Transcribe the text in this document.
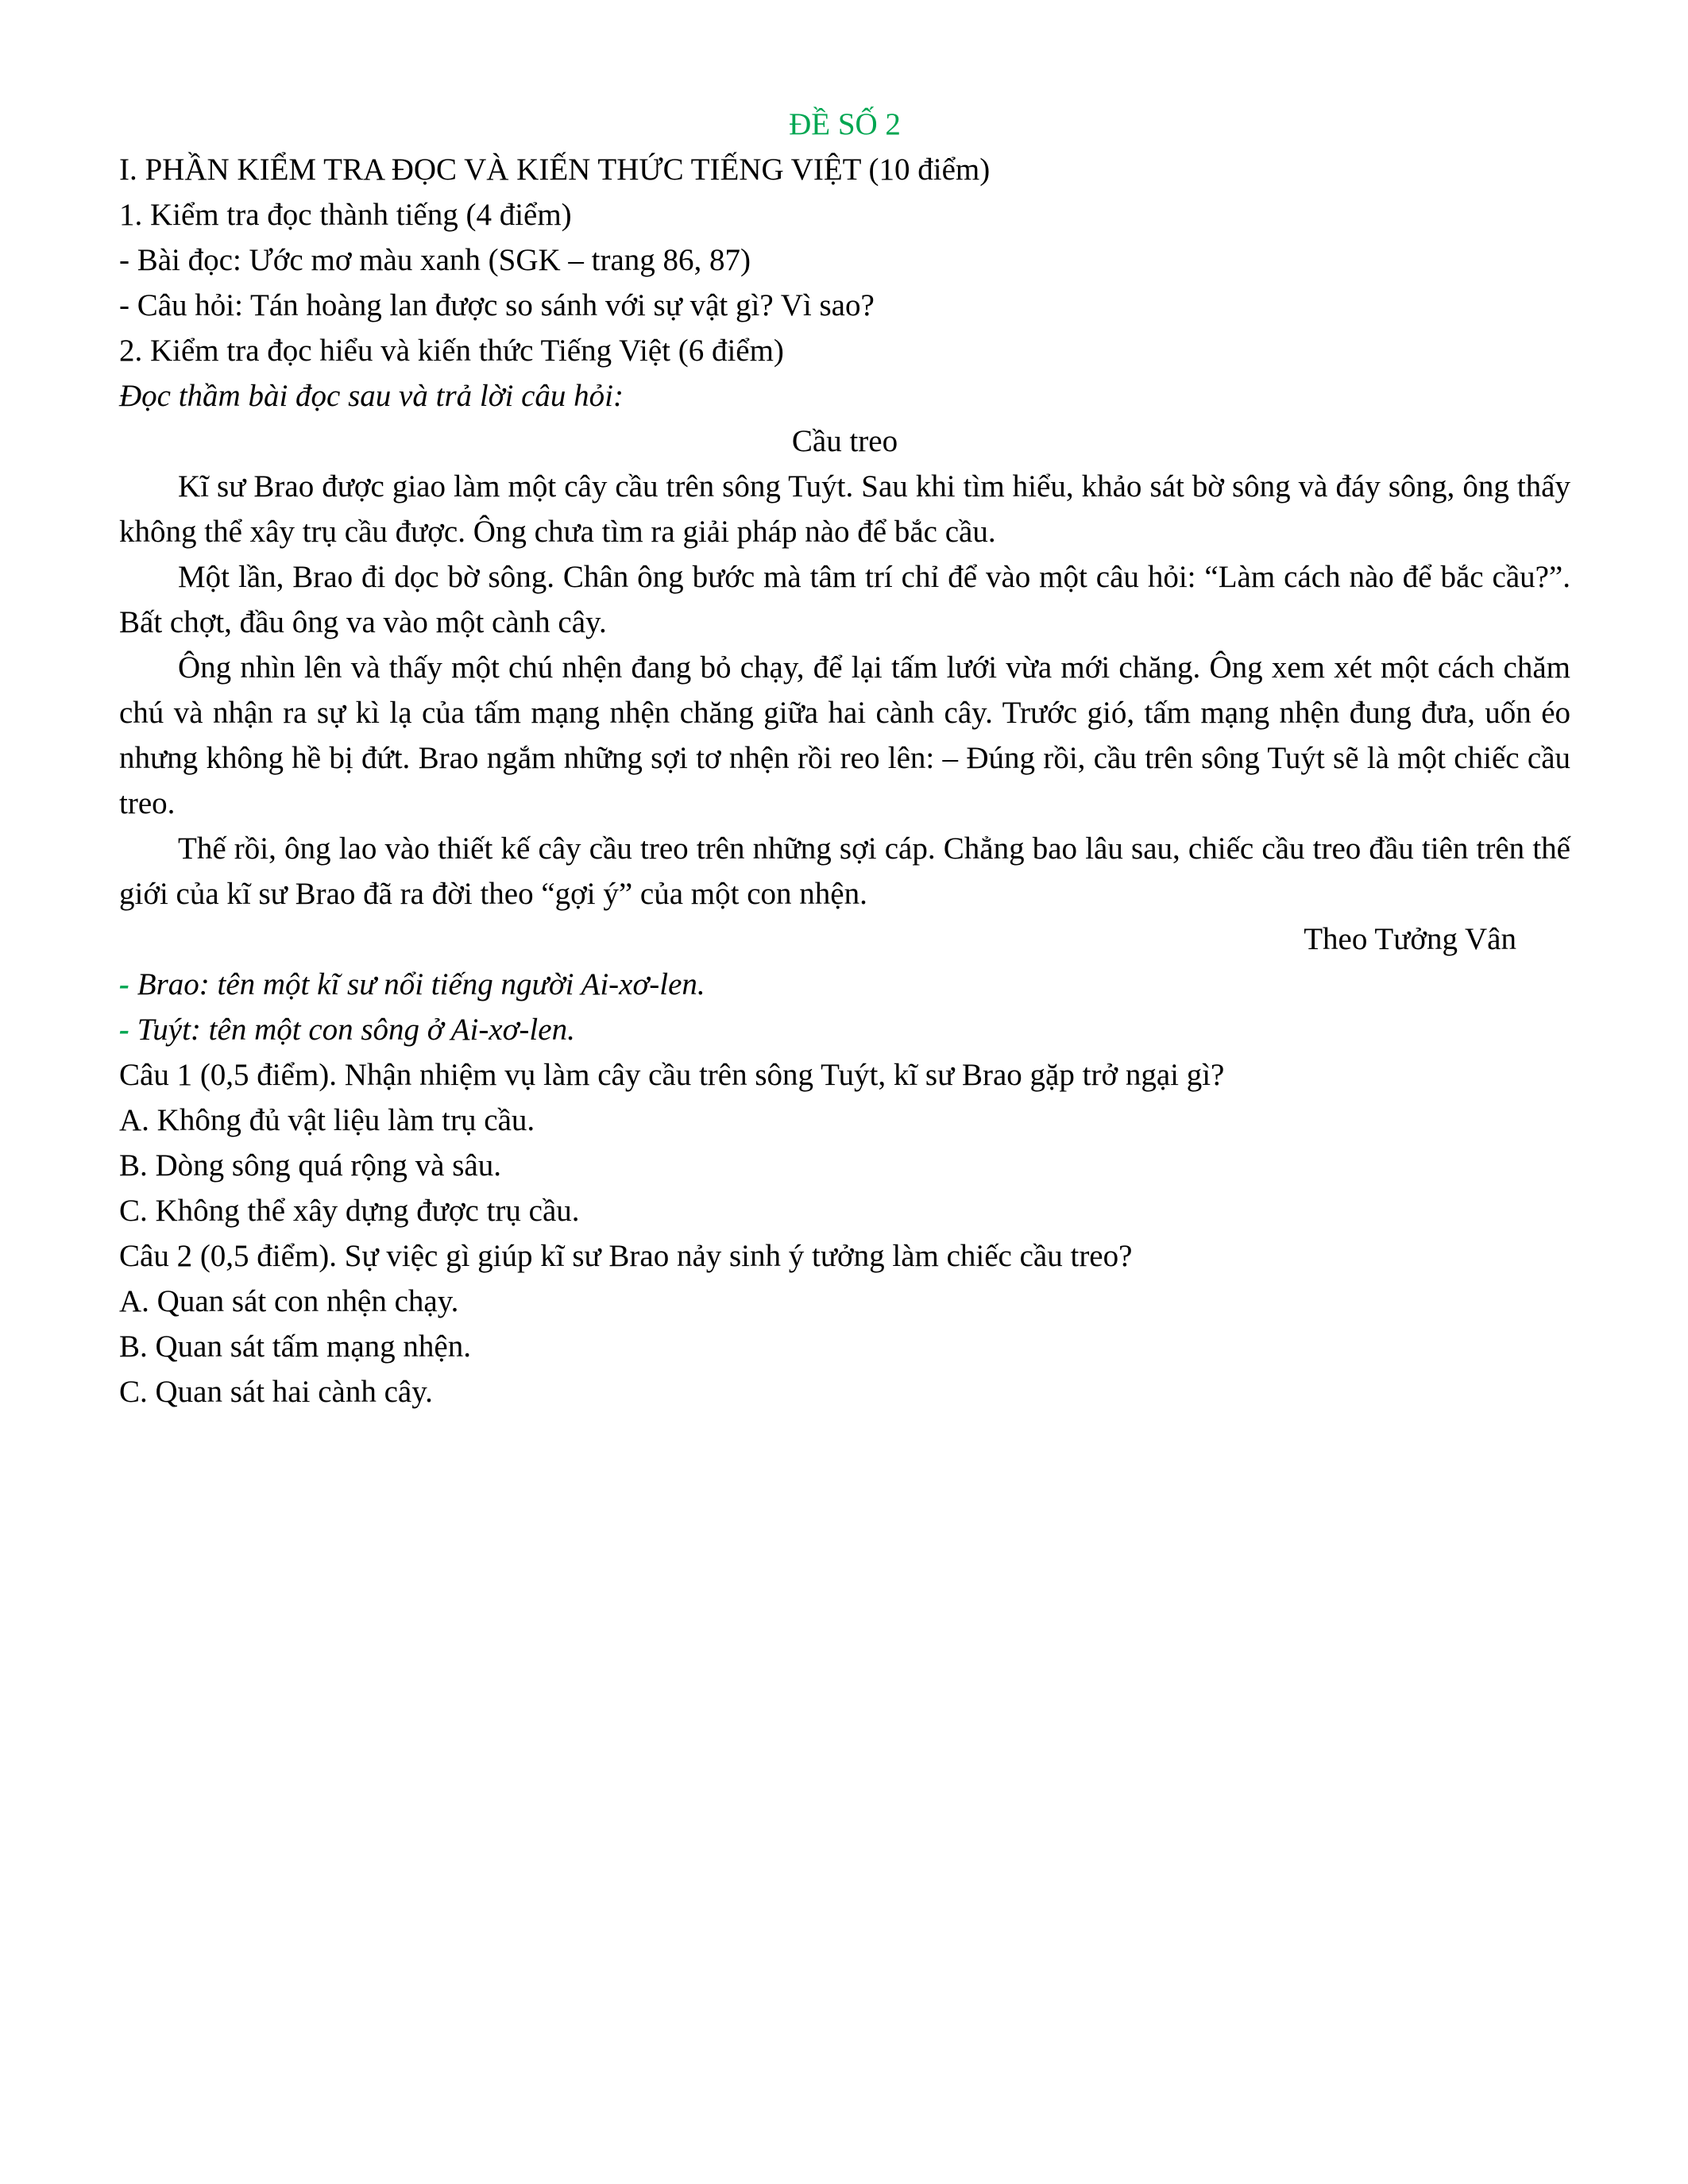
ĐỀ SỐ 2

I. PHẦN KIỂM TRA ĐỌC VÀ KIẾN THỨC TIẾNG VIỆT (10 điểm)

1. Kiểm tra đọc thành tiếng (4 điểm)

- Bài đọc: Ước mơ màu xanh (SGK – trang 86, 87)

- Câu hỏi: Tán hoàng lan được so sánh với sự vật gì? Vì sao?

2. Kiểm tra đọc hiểu và kiến thức Tiếng Việt (6 điểm)

Đọc thầm bài đọc sau và trả lời câu hỏi:

Cầu treo

Kĩ sư Brao được giao làm một cây cầu trên sông Tuýt. Sau khi tìm hiểu, khảo sát bờ sông và đáy sông, ông thấy không thể xây trụ cầu được. Ông chưa tìm ra giải pháp nào để bắc cầu.

Một lần, Brao đi dọc bờ sông. Chân ông bước mà tâm trí chỉ để vào một câu hỏi: “Làm cách nào để bắc cầu?”. Bất chợt, đầu ông va vào một cành cây.

Ông nhìn lên và thấy một chú nhện đang bỏ chạy, để lại tấm lưới vừa mới chăng. Ông xem xét một cách chăm chú và nhận ra sự kì lạ của tấm mạng nhện chăng giữa hai cành cây. Trước gió, tấm mạng nhện đung đưa, uốn éo nhưng không hề bị đứt. Brao ngắm những sợi tơ nhện rồi reo lên: – Đúng rồi, cầu trên sông Tuýt sẽ là một chiếc cầu treo.

Thế rồi, ông lao vào thiết kế cây cầu treo trên những sợi cáp. Chẳng bao lâu sau, chiếc cầu treo đầu tiên trên thế giới của kĩ sư Brao đã ra đời theo “gợi ý” của một con nhện.

Theo Tưởng Vân

- Brao: tên một kĩ sư nổi tiếng người Ai-xơ-len.

- Tuýt: tên một con sông ở Ai-xơ-len.

Câu 1 (0,5 điểm). Nhận nhiệm vụ làm cây cầu trên sông Tuýt, kĩ sư Brao gặp trở ngại gì?

A. Không đủ vật liệu làm trụ cầu.

B. Dòng sông quá rộng và sâu.

C. Không thể xây dựng được trụ cầu.

Câu 2 (0,5 điểm). Sự việc gì giúp kĩ sư Brao nảy sinh ý tưởng làm chiếc cầu treo?

A. Quan sát con nhện chạy.

B. Quan sát tấm mạng nhện.

C. Quan sát hai cành cây.
